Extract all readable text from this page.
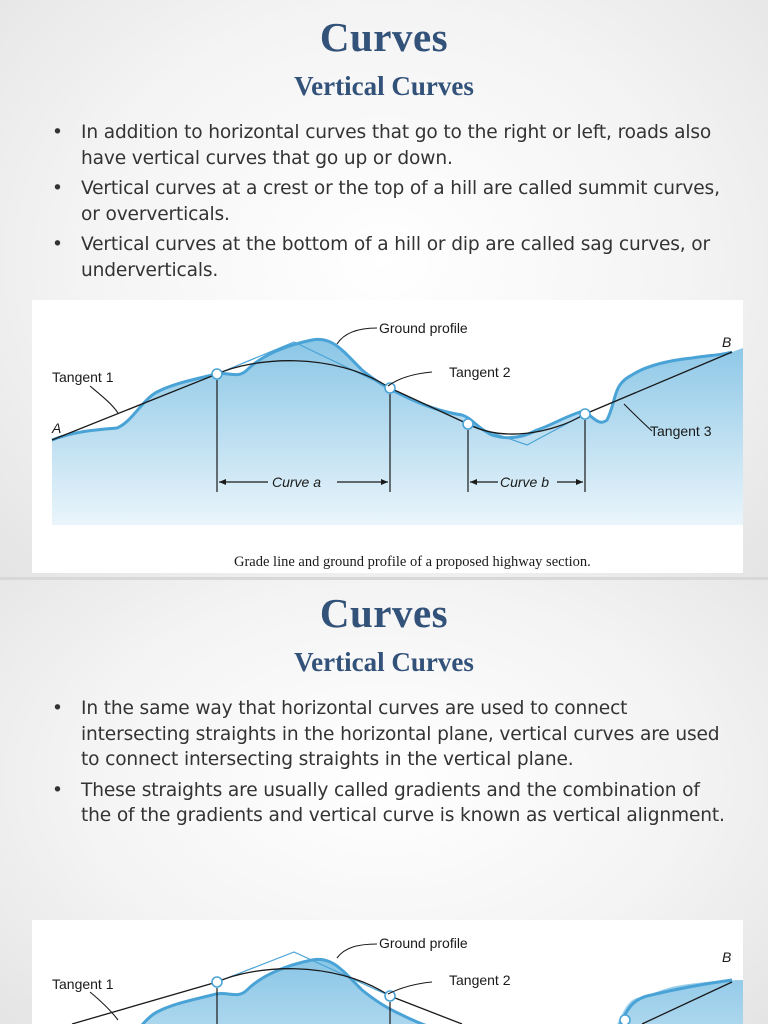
Curves
Vertical Curves
• In addition to horizontal curves that go to the right or left, roads also have vertical curves that go up or down.
• Vertical curves at a crest or the top of a hill are called summit curves, or oververticals.
• Vertical curves at the bottom of a hill or dip are called sag curves, or underverticals.
Ground profile
Tangent 1	Tangent 2
Tangent 3
A
B
Curve a	Curve b
Grade line and ground profile of a proposed highway section.
Curves
Vertical Curves
• In the same way that horizontal curves are used to connect intersecting straights in the horizontal plane, vertical curves are used to connect intersecting straights in the vertical plane.
• These straights are usually called gradients and the combination of the of the gradients and vertical curve is known as vertical alignment.
Ground profile
Tangent 1	Tangent 2
B
